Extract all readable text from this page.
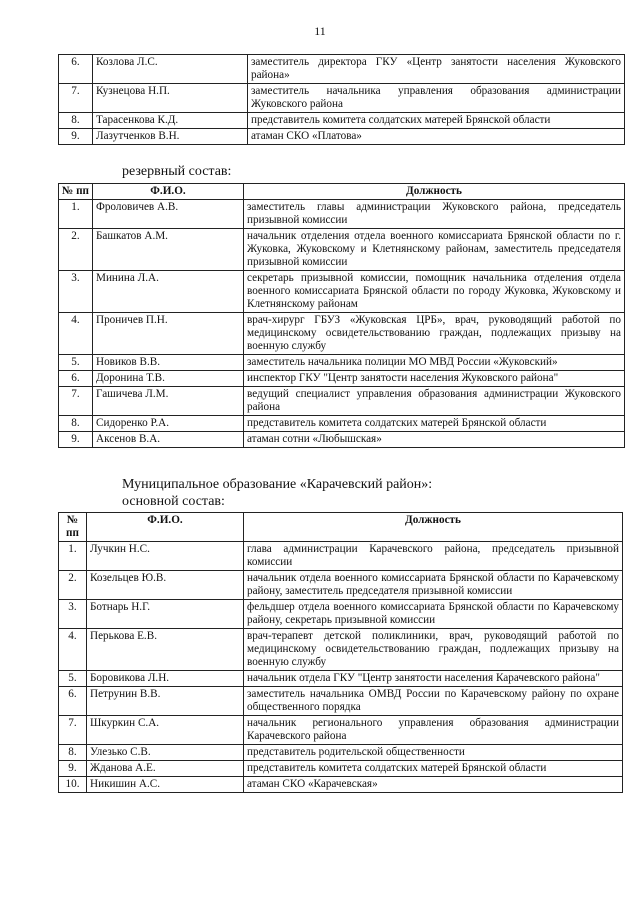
11
6.	Козлова Л.С.	заместитель директора ГКУ «Центр занятости населения Жуковского района»
7.	Кузнецова Н.П.	заместитель начальника управления образования администрации Жуковского района
8.	Тарасенкова К.Д.	представитель комитета солдатских матерей Брянской области
9.	Лазутченков В.Н.	атаман СКО «Платова»
резервный состав:
№ пп	Ф.И.О.	Должность
1.	Фроловичев А.В.	заместитель главы администрации Жуковского района, председатель призывной комиссии
2.	Башкатов А.М.	начальник отделения отдела военного комиссариата Брянской области по г. Жуковка, Жуковскому и Клетнянскому районам, заместитель председателя призывной комиссии
3.	Минина Л.А.	секретарь призывной комиссии, помощник начальника отделения отдела военного комиссариата Брянской области по городу Жуковка, Жуковскому и Клетнянскому районам
4.	Проничев П.Н.	врач-хирург ГБУЗ «Жуковская ЦРБ», врач, руководящий работой по медицинскому освидетельствованию граждан, подлежащих призыву на военную службу
5.	Новиков В.В.	заместитель начальника полиции МО МВД России «Жуковский»
6.	Доронина Т.В.	инспектор ГКУ "Центр занятости населения Жуковского района"
7.	Гашичева Л.М.	ведущий специалист управления образования администрации Жуковского района
8.	Сидоренко Р.А.	представитель комитета солдатских матерей Брянской области
9.	Аксенов В.А.	атаман сотни «Любышская»
Муниципальное образование «Карачевский район»:
основной состав:
№ пп	Ф.И.О.	Должность
1.	Лучкин Н.С.	глава администрации Карачевского района, председатель призывной комиссии
2.	Козельцев Ю.В.	начальник отдела военного комиссариата Брянской области по Карачевскому району, заместитель председателя призывной комиссии
3.	Ботнарь Н.Г.	фельдшер отдела военного комиссариата Брянской области по Карачевскому району, секретарь призывной комиссии
4.	Перькова Е.В.	врач-терапевт детской поликлиники, врач, руководящий работой по медицинскому освидетельствованию граждан, подлежащих призыву на военную службу
5.	Боровикова Л.Н.	начальник отдела ГКУ "Центр занятости населения Карачевского района"
6.	Петрунин В.В.	заместитель начальника ОМВД России по Карачевскому району по охране общественного порядка
7.	Шкуркин С.А.	начальник регионального управления образования администрации Карачевского района
8.	Улезько С.В.	представитель родительской общественности
9.	Жданова А.Е.	представитель комитета солдатских матерей Брянской области
10.	Никишин А.С.	атаман СКО «Карачевская»
